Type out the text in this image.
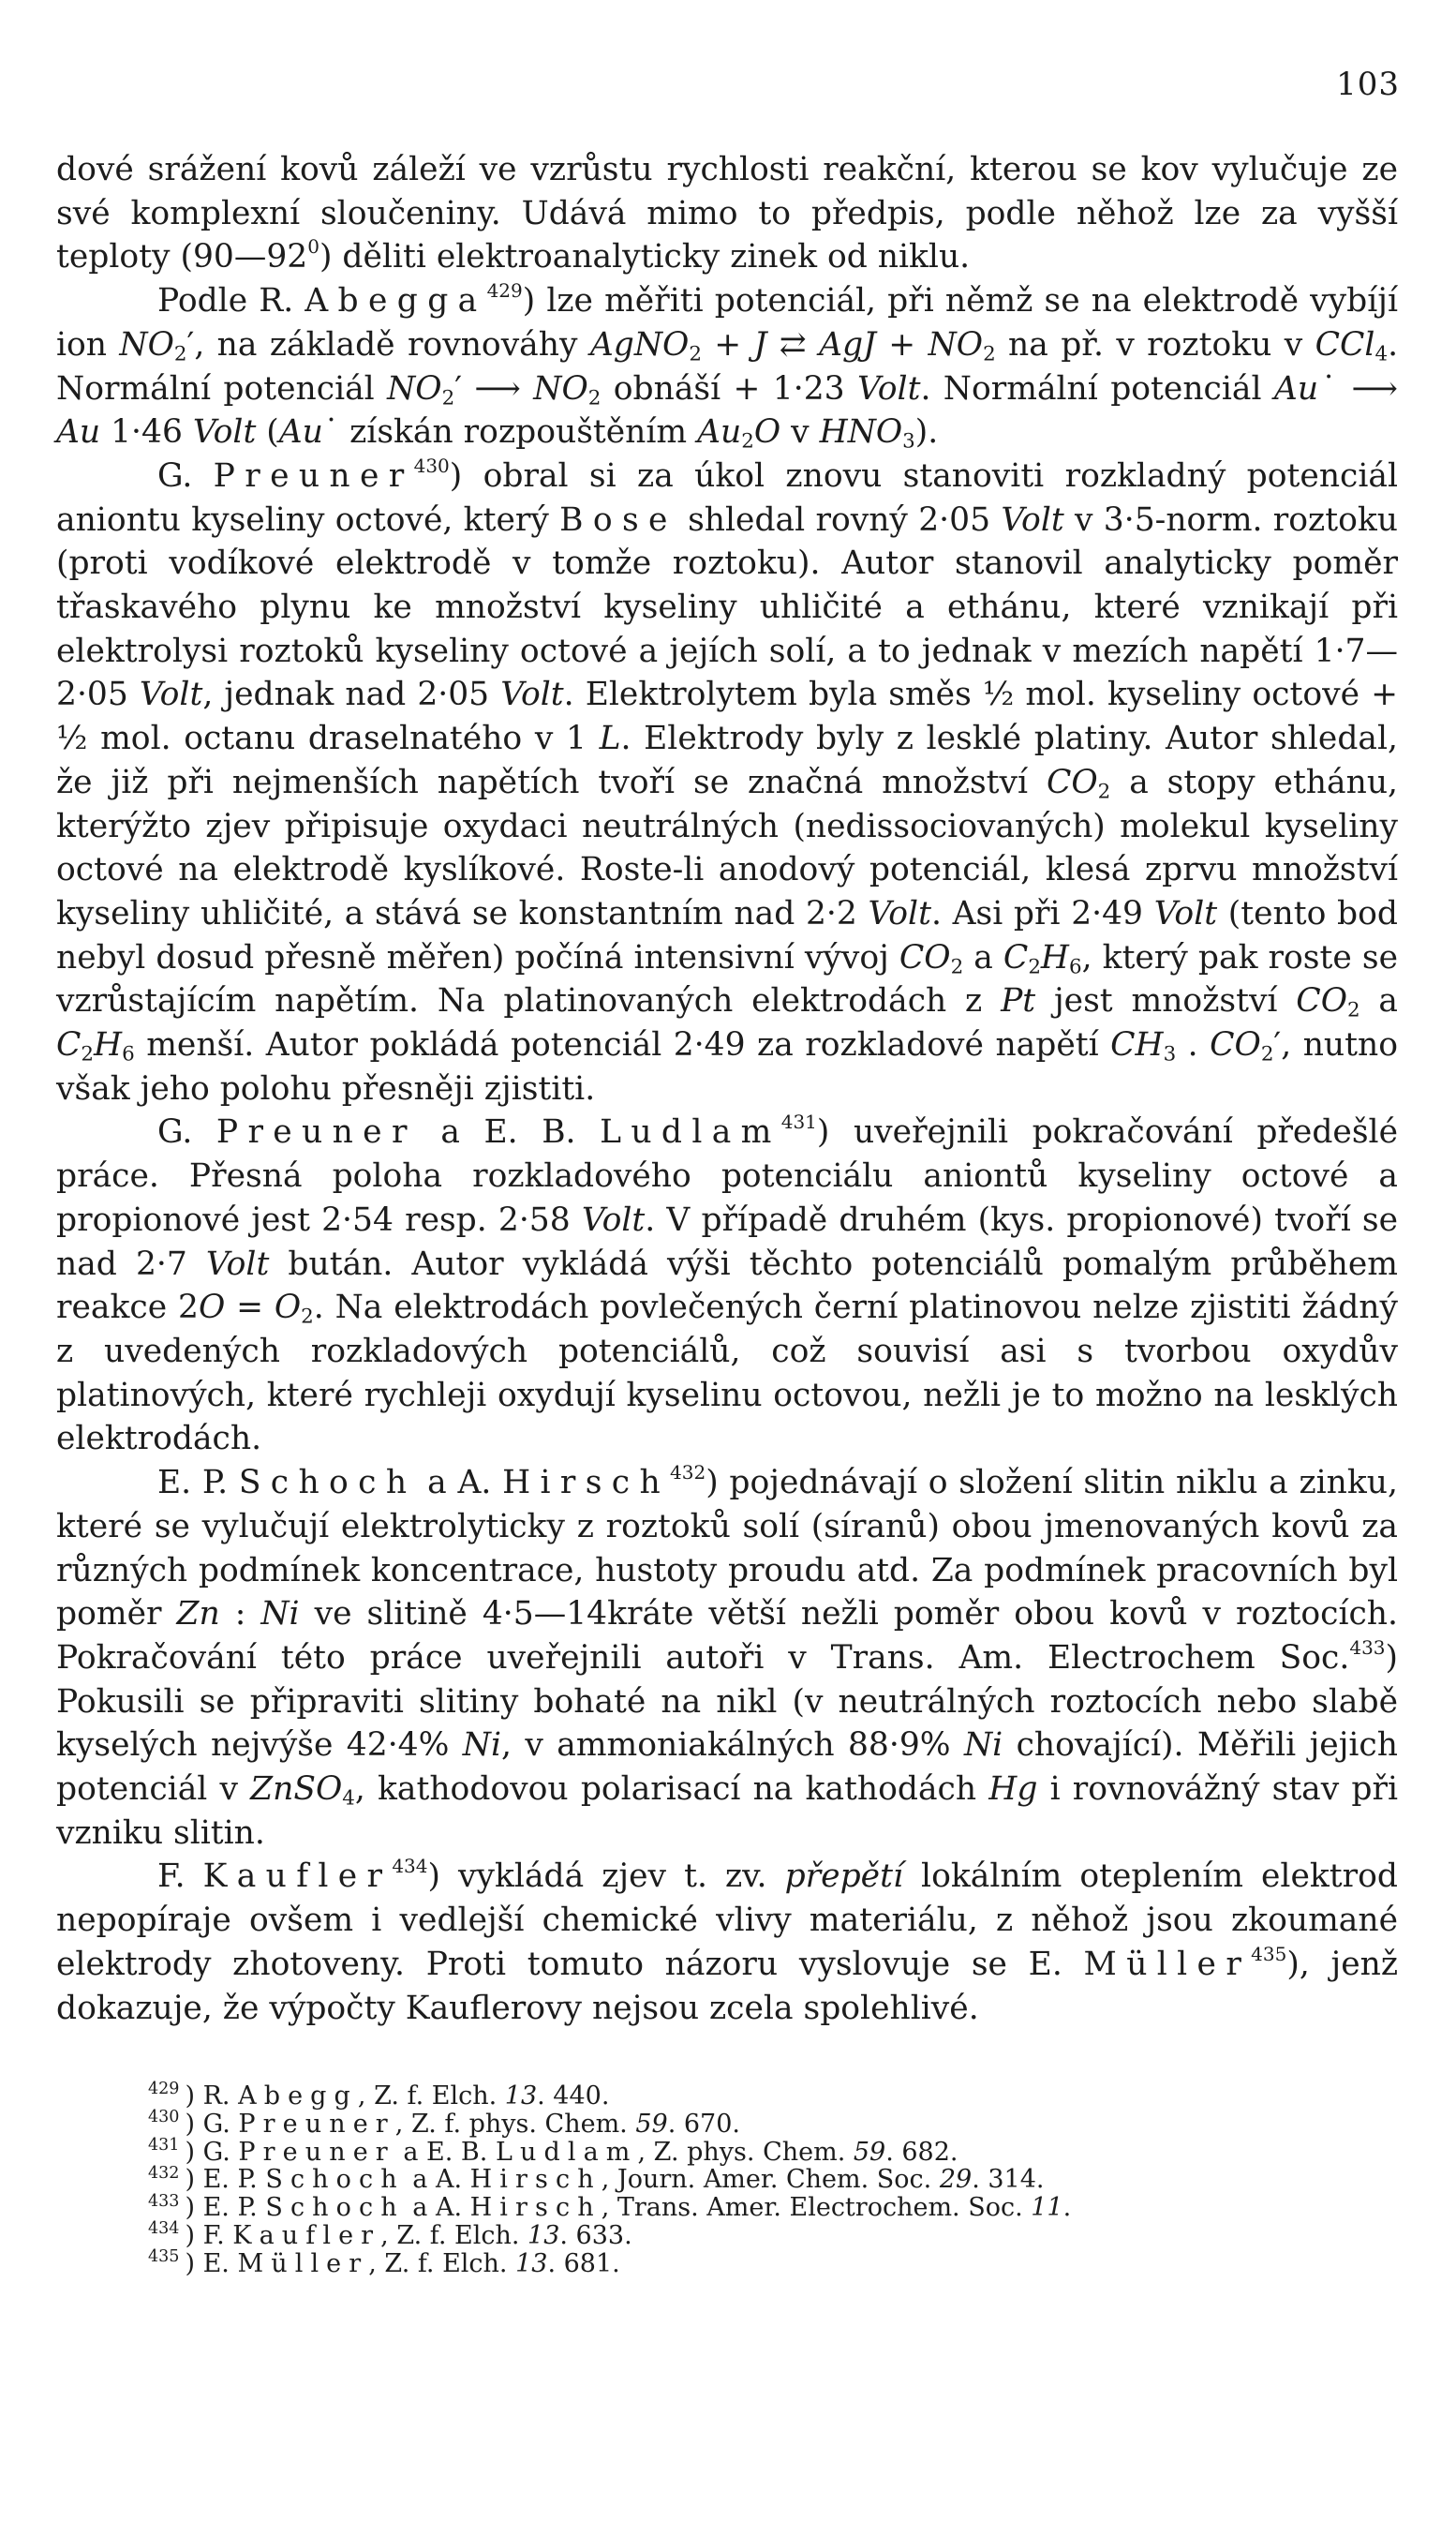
103

dové srážení kovů záleží ve vzrůstu rychlosti reakční, kterou se kov vylučuje ze své komplexní sloučeniny. Udává mimo to předpis, podle něhož lze za vyšší teploty $(90—92^0)$ děliti elektroanalyticky zinek od niklu.

Podle R. Abegga$^{429}$) lze měřiti potenciál, při němž se na elektrodě vybíjí ion $NO_2'$, na základě rovnováhy AgNO$_2$ + J ⇄ AgJ + $NO_2$ na př. v roztoku v CCl$_4$. Normální potenciál $NO_2'$ ⟶ $NO_2$ obnáší + 1·23 Volt. Normální potenciál Au˙ ⟶ Au 1·46 Volt (Au˙ získán rozpouštěním $Au_2O$ v $HNO_3$).

G. Preuner$^{430}$) obral si za úkol znovu stanoviti rozkladný potenciál aniontu kyseliny octové, který Bose shledal rovný 2·05 Volt v 3·5-norm. roztoku (proti vodíkové elektrodě v tomže roztoku). Autor stanovil analyticky poměr třaskavého plynu ke množství kyseliny uhličité a ethánu, které vznikají při elektrolysi roztoků kyseliny octové a jejích solí, a to jednak v mezích napětí 1·7—2·05 Volt, jednak nad 2·05 Volt. Elektrolytem byla směs ½ mol. kyseliny octové + ½ mol. octanu draselnatého v 1 L. Elektrody byly z lesklé platiny. Autor shledal, že již při nejmenších napětích tvoří se značná množství $CO_2$ a stopy ethánu, kterýžto zjev připisuje oxydaci neutrálných (nedissociovaných) molekul kyseliny octové na elektrodě kyslíkové. Roste-li anodový potenciál, klesá zprvu množství kyseliny uhličité, a stává se konstantním nad 2·2 Volt. Asi při 2·49 Volt (tento bod nebyl dosud přesně měřen) počíná intensivní vývoj $CO_2$ a $C_2H_6$, který pak roste se vzrůstajícím napětím. Na platinovaných elektrodách z Pt jest množství $CO_2$ a $C_2H_6$ menší. Autor pokládá potenciál 2·49 za rozkladové napětí $CH_3$ . $CO_2'$, nutno však jeho polohu přesněji zjistiti.

G. Preuner a E. B. Ludlam$^{431}$) uveřejnili pokračování předešlé práce. Přesná poloha rozkladového potenciálu aniontů kyseliny octové a propionové jest 2·54 resp. 2·58 Volt. V případě druhém (kys. propionové) tvoří se nad 2·7 Volt bután. Autor vykládá výši těchto potenciálů pomalým průběhem reakce $2O = O_2$. Na elektrodách povlečených černí platinovou nelze zjistiti žádný z uvedených rozkladových potenciálů, což souvisí asi s tvorbou oxydův platinových, které rychleji oxydují kyselinu octovou, nežli je to možno na lesklých elektrodách.

E. P. Schoch a A. Hirsch$^{432}$) pojednávají o složení slitin niklu a zinku, které se vylučují elektrolyticky z roztoků solí (síranů) obou jmenovaných kovů za různých podmínek koncentrace, hustoty proudu atd. Za podmínek pracovních byl poměr Zn : Ni ve slitině 4·5—14kráte větší nežli poměr obou kovů v roztocích. Pokračování této práce uveřejnili autoři v Trans. Am. Electrochem Soc.$^{433}$) Pokusili se připraviti slitiny bohaté na nikl (v neutrálných roztocích nebo slabě kyselých nejvýše 42·4% Ni, v ammoniakálných 88·9% Ni chovající). Měřili jejich potenciál v ZnSO$_4$, kathodovou polarisací na kathodách Hg i rovnovážný stav při vzniku slitin.

F. Kaufler$^{434}$) vykládá zjev t. zv. přepětí lokálním oteplením elektrod nepopíraje ovšem i vedlejší chemické vlivy materiálu, z něhož jsou zkoumané elektrody zhotoveny. Proti tomuto názoru vyslovuje se E. Müller$^{435}$), jenž dokazuje, že výpočty Kauflerovy nejsou zcela spolehlivé.

$^{429}$ ) R. Abegg, Z. f. Elch. 13. 440.
$^{430}$ ) G. Preuner, Z. f. phys. Chem. 59. 670.
$^{431}$ ) G. Preuner a E. B. Ludlam, Z. phys. Chem. 59. 682.
$^{432}$ ) E. P. Schoch a A. Hirsch, Journ. Amer. Chem. Soc. 29. 314.
$^{433}$ ) E. P. Schoch a A. Hirsch, Trans. Amer. Electrochem. Soc. 11.
$^{434}$ ) F. Kaufler, Z. f. Elch. 13. 633.
$^{435}$ ) E. Müller, Z. f. Elch. 13. 681.
